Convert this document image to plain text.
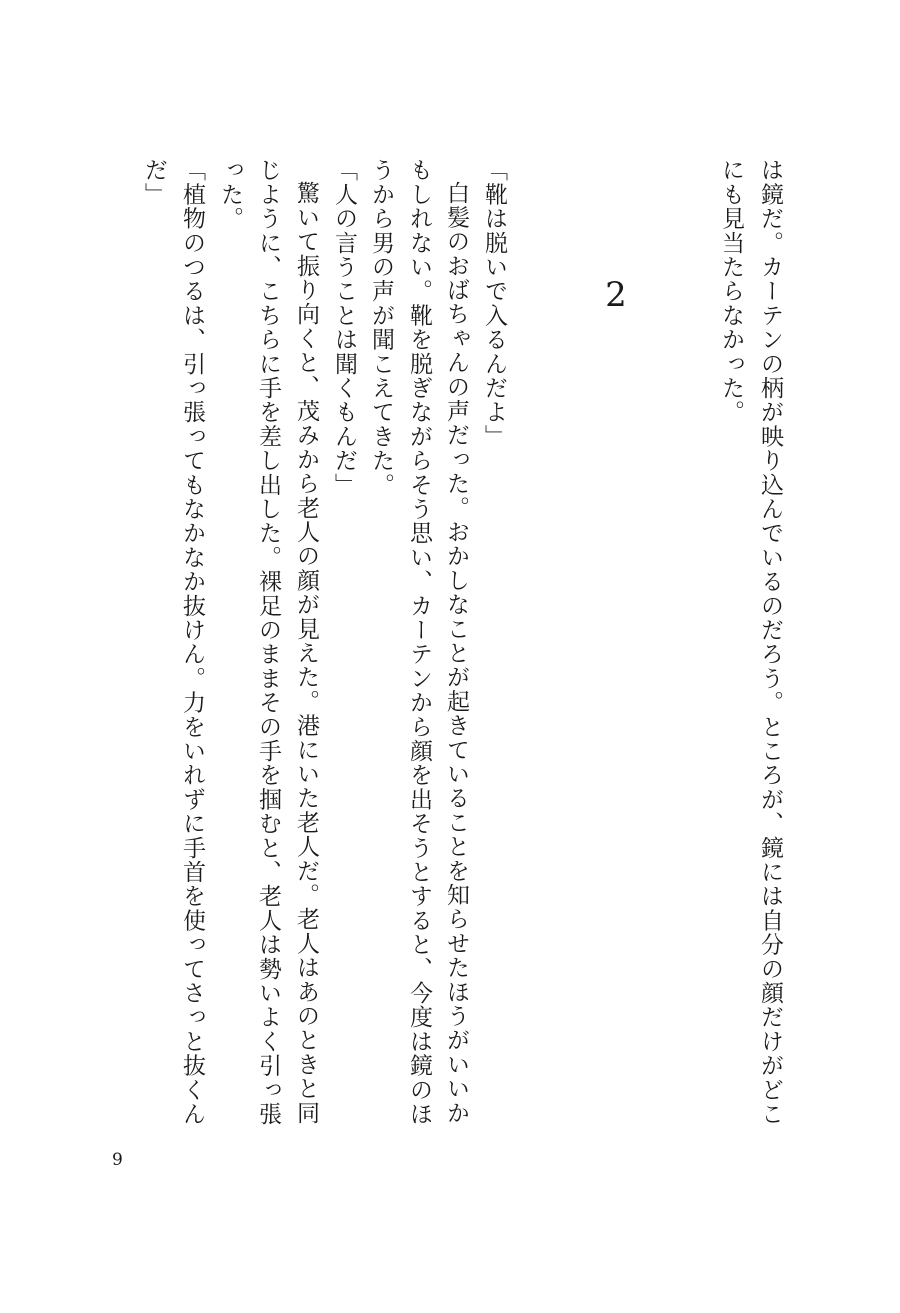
は鏡だ。カーテンの柄が映り込んでいるのだろう。ところが、鏡には自分の顔だけがどこ
にも見当たらなかった。
2
「靴は脱いで入るんだよ」
白髪のおばちゃんの声だった。おかしなことが起きていることを知らせたほうがいいか
もしれない。靴を脱ぎながらそう思い、カーテンから顔を出そうとすると、今度は鏡のほ
うから男の声が聞こえてきた。
「人の言うことは聞くもんだ」
驚いて振り向くと、茂みから老人の顔が見えた。港にいた老人だ。老人はあのときと同
じように、こちらに手を差し出した。裸足のままその手を掴むと、老人は勢いよく引っ張
った。
「植物のつるは、引っ張ってもなかなか抜けん。力をいれずに手首を使ってさっと抜くん
だ」
9
